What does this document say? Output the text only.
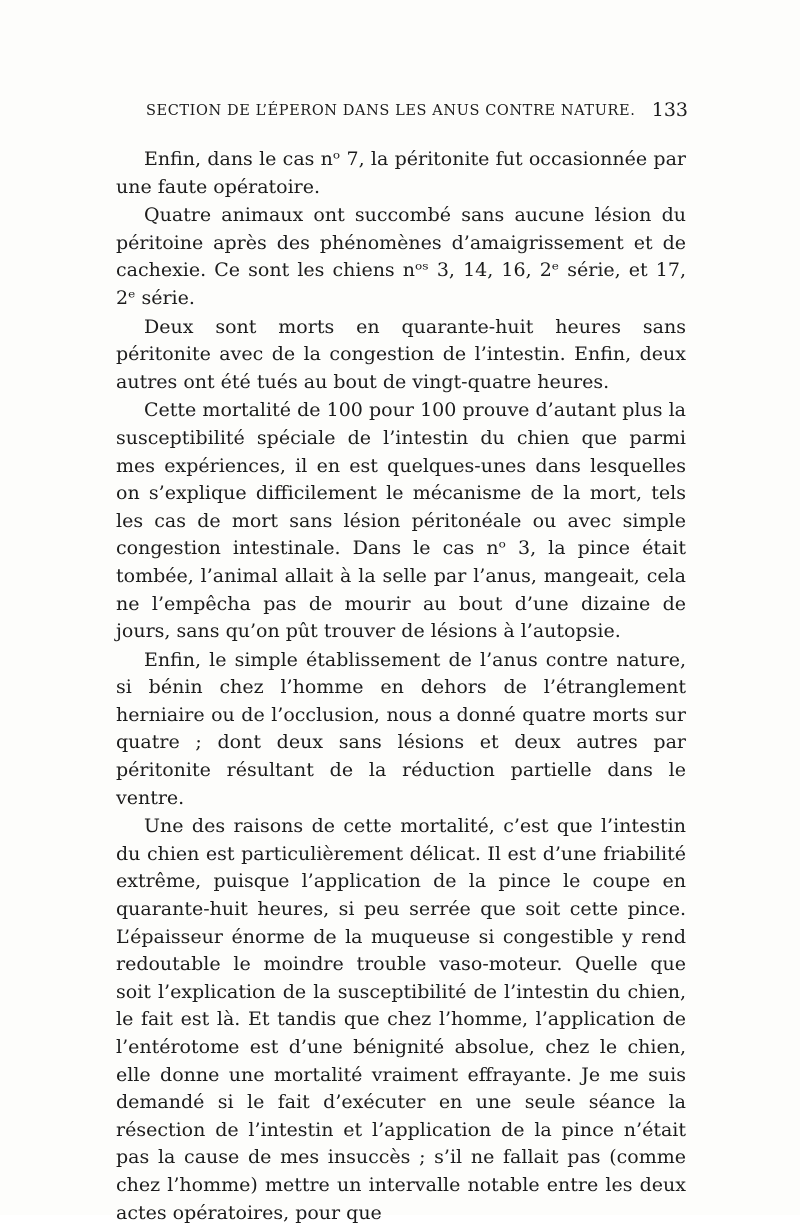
SECTION DE L’ÉPERON DANS LES ANUS CONTRE NATURE. 133

Enfin, dans le cas nᵒ 7, la péritonite fut occasionnée par une faute opératoire.

Quatre animaux ont succombé sans aucune lésion du péritoine après des phénomènes d’amaigrissement et de cachexie. Ce sont les chiens nᵒˢ 3, 14, 16, 2ᵉ série, et 17, 2ᵉ série.

Deux sont morts en quarante-huit heures sans péritonite avec de la congestion de l’intestin. Enfin, deux autres ont été tués au bout de vingt-quatre heures.

Cette mortalité de 100 pour 100 prouve d’autant plus la susceptibilité spéciale de l’intestin du chien que parmi mes expériences, il en est quelques-unes dans lesquelles on s’explique difficilement le mécanisme de la mort, tels les cas de mort sans lésion péritonéale ou avec simple congestion intestinale. Dans le cas nᵒ 3, la pince était tombée, l’animal allait à la selle par l’anus, mangeait, cela ne l’empêcha pas de mourir au bout d’une dizaine de jours, sans qu’on pût trouver de lésions à l’autopsie.

Enfin, le simple établissement de l’anus contre nature, si bénin chez l’homme en dehors de l’étranglement herniaire ou de l’occlusion, nous a donné quatre morts sur quatre ; dont deux sans lésions et deux autres par péritonite résultant de la réduction partielle dans le ventre.

Une des raisons de cette mortalité, c’est que l’intestin du chien est particulièrement délicat. Il est d’une friabilité extrême, puisque l’application de la pince le coupe en quarante-huit heures, si peu serrée que soit cette pince. L’épaisseur énorme de la muqueuse si congestible y rend redoutable le moindre trouble vaso-moteur. Quelle que soit l’explication de la susceptibilité de l’intestin du chien, le fait est là. Et tandis que chez l’homme, l’application de l’entérotome est d’une bénignité absolue, chez le chien, elle donne une mortalité vraiment effrayante. Je me suis demandé si le fait d’exécuter en une seule séance la résection de l’intestin et l’application de la pince n’était pas la cause de mes insuccès ; s’il ne fallait pas (comme chez l’homme) mettre un intervalle notable entre les deux actes opératoires, pour que
